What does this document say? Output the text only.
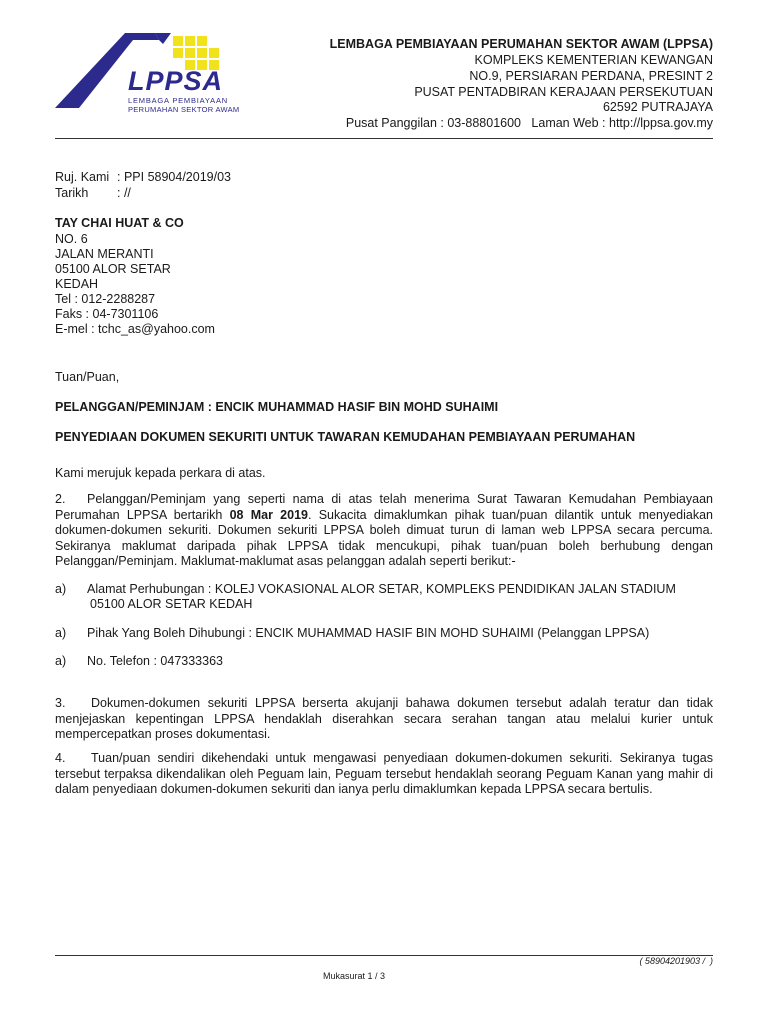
LPPSA
LEMBAGA PEMBIAYAAN
PERUMAHAN SEKTOR AWAM
LEMBAGA PEMBIAYAAN PERUMAHAN SEKTOR AWAM (LPPSA)
KOMPLEKS KEMENTERIAN KEWANGAN
NO.9, PERSIARAN PERDANA, PRESINT 2
PUSAT PENTADBIRAN KERAJAAN PERSEKUTUAN
62592 PUTRAJAYA
Pusat Panggilan : 03-88801600   Laman Web : http://lppsa.gov.my
Ruj. Kami : PPI 58904/2019/03
Tarikh : //
TAY CHAI HUAT & CO
NO. 6
JALAN MERANTI
05100 ALOR SETAR
KEDAH
Tel : 012-2288287
Faks : 04-7301106
E-mel : tchc_as@yahoo.com
Tuan/Puan,
PELANGGAN/PEMINJAM : ENCIK MUHAMMAD HASIF BIN MOHD SUHAIMI
PENYEDIAAN DOKUMEN SEKURITI UNTUK TAWARAN KEMUDAHAN PEMBIAYAAN PERUMAHAN
Kami merujuk kepada perkara di atas.
2. Pelanggan/Peminjam yang seperti nama di atas telah menerima Surat Tawaran Kemudahan Pembiayaan Perumahan LPPSA bertarikh 08 Mar 2019. Sukacita dimaklumkan pihak tuan/puan dilantik untuk menyediakan dokumen-dokumen sekuriti. Dokumen sekuriti LPPSA boleh dimuat turun di laman web LPPSA secara percuma. Sekiranya maklumat daripada pihak LPPSA tidak mencukupi, pihak tuan/puan boleh berhubung dengan Pelanggan/Peminjam. Maklumat-maklumat asas pelanggan adalah seperti berikut:-
a) Alamat Perhubungan : KOLEJ VOKASIONAL ALOR SETAR, KOMPLEKS PENDIDIKAN JALAN STADIUM
05100 ALOR SETAR KEDAH
a) Pihak Yang Boleh Dihubungi : ENCIK MUHAMMAD HASIF BIN MOHD SUHAIMI (Pelanggan LPPSA)
a) No. Telefon : 047333363
3. Dokumen-dokumen sekuriti LPPSA berserta akujanji bahawa dokumen tersebut adalah teratur dan tidak menjejaskan kepentingan LPPSA hendaklah diserahkan secara serahan tangan atau melalui kurier untuk mempercepatkan proses dokumentasi.
4. Tuan/puan sendiri dikehendaki untuk mengawasi penyediaan dokumen-dokumen sekuriti. Sekiranya tugas tersebut terpaksa dikendalikan oleh Peguam lain, Peguam tersebut hendaklah seorang Peguam Kanan yang mahir di dalam penyediaan dokumen-dokumen sekuriti dan ianya perlu dimaklumkan kepada LPPSA secara bertulis.
( 58904201903 /  )
Mukasurat 1 / 3
